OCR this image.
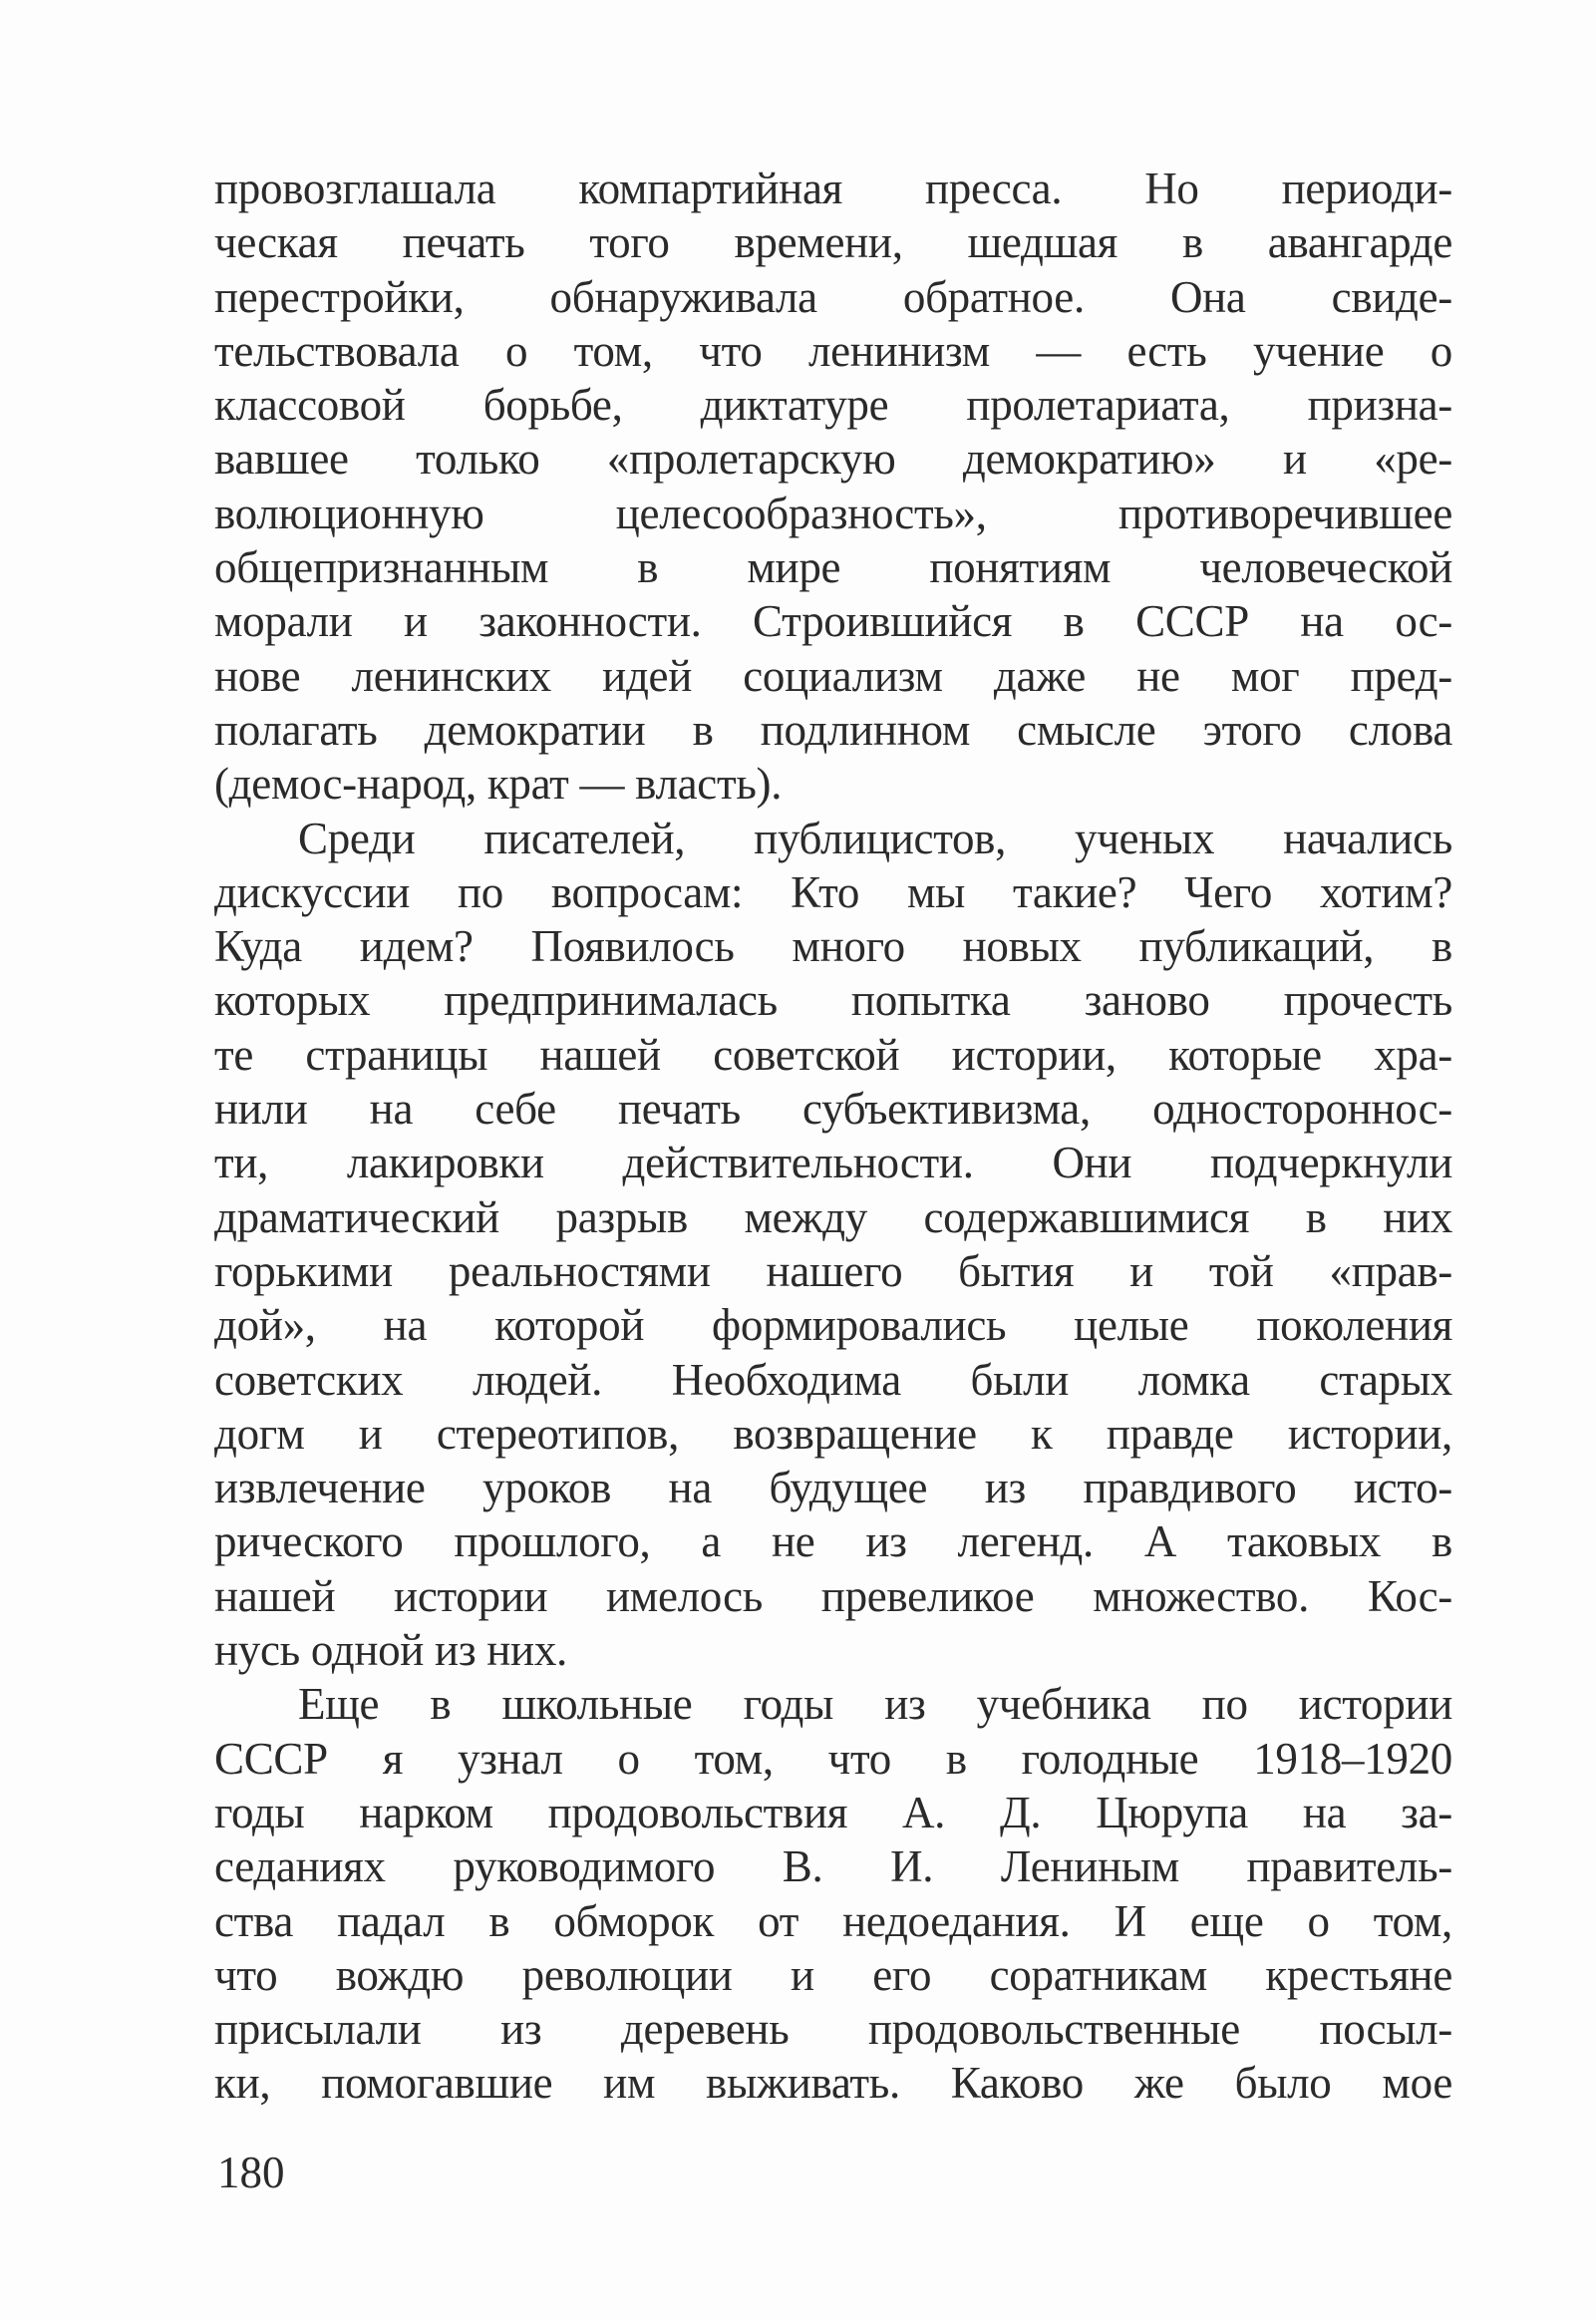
провозглашала компартийная пресса. Но периоди-
ческая печать того времени, шедшая в авангарде
перестройки, обнаруживала обратное. Она свиде-
тельствовала о том, что ленинизм — есть учение о
классовой борьбе, диктатуре пролетариата, призна-
вавшее только «пролетарскую демократию» и «ре-
волюционную целесообразность», противоречившее
общепризнанным в мире понятиям человеческой
морали и законности. Строившийся в СССР на ос-
нове ленинских идей социализм даже не мог пред-
полагать демократии в подлинном смысле этого слова
(демос-народ, крат — власть).
Среди писателей, публицистов, ученых начались
дискуссии по вопросам: Кто мы такие? Чего хотим?
Куда идем? Появилось много новых публикаций, в
которых предпринималась попытка заново прочесть
те страницы нашей советской истории, которые хра-
нили на себе печать субъективизма, одностороннос-
ти, лакировки действительности. Они подчеркнули
драматический разрыв между содержавшимися в них
горькими реальностями нашего бытия и той «прав-
дой», на которой формировались целые поколения
советских людей. Необходима были ломка старых
догм и стереотипов, возвращение к правде истории,
извлечение уроков на будущее из правдивого исто-
рического прошлого, а не из легенд. А таковых в
нашей истории имелось превеликое множество. Кос-
нусь одной из них.
Еще в школьные годы из учебника по истории
СССР я узнал о том, что в голодные 1918–1920
годы нарком продовольствия А. Д. Цюрупа на за-
седаниях руководимого В. И. Лениным правитель-
ства падал в обморок от недоедания. И еще о том,
что вождю революции и его соратникам крестьяне
присылали из деревень продовольственные посыл-
ки, помогавшие им выживать. Каково же было мое
180
